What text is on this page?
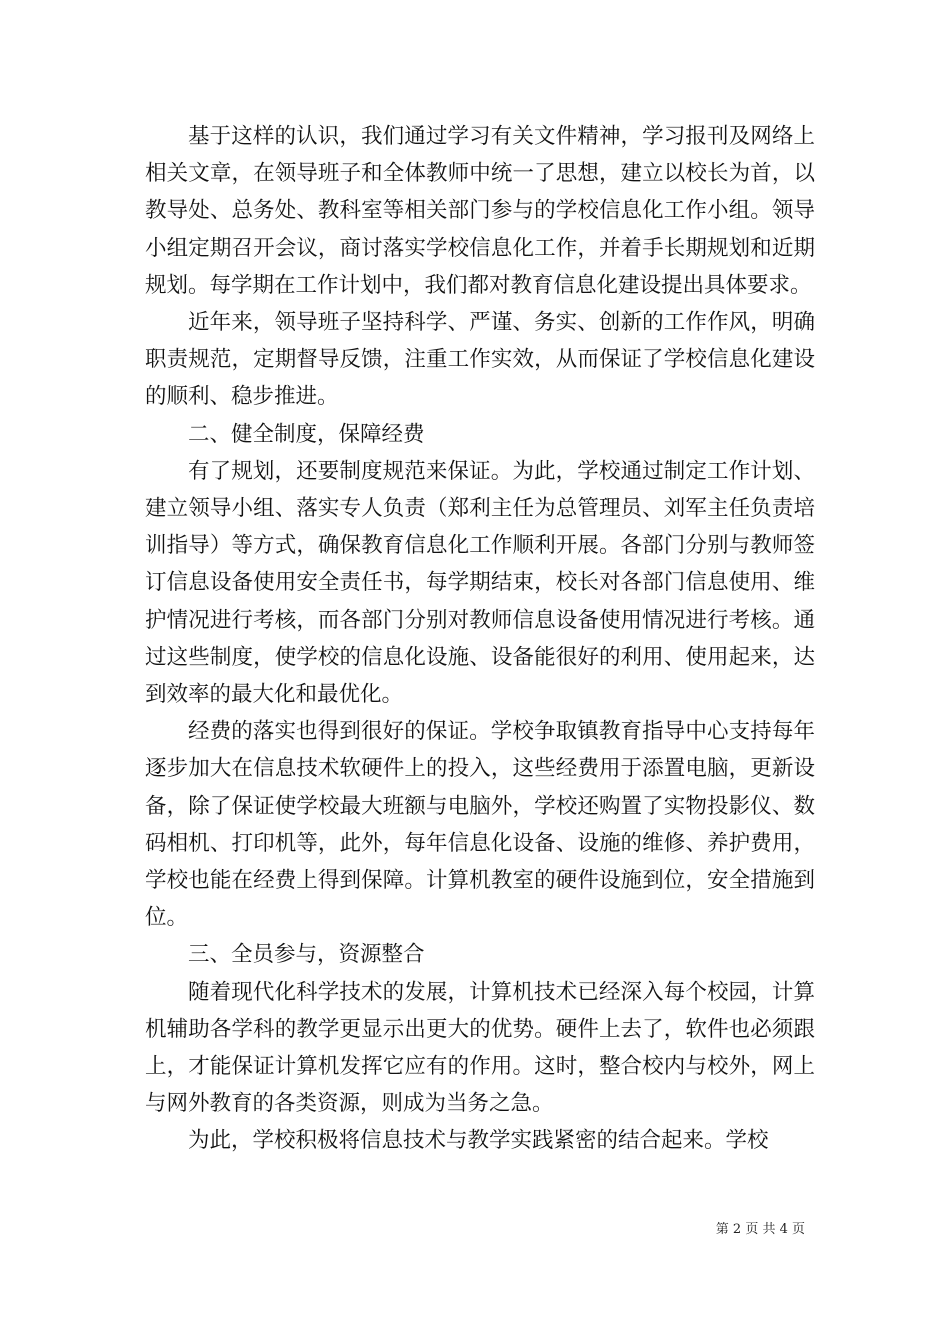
基于这样的认识，我们通过学习有关文件精神，学习报刊及网络上相关文章，在领导班子和全体教师中统一了思想，建立以校长为首，以教导处、总务处、教科室等相关部门参与的学校信息化工作小组。领导小组定期召开会议，商讨落实学校信息化工作，并着手长期规划和近期规划。每学期在工作计划中，我们都对教育信息化建设提出具体要求。

近年来，领导班子坚持科学、严谨、务实、创新的工作作风，明确职责规范，定期督导反馈，注重工作实效，从而保证了学校信息化建设的顺利、稳步推进。

二、健全制度，保障经费

有了规划，还要制度规范来保证。为此，学校通过制定工作计划、建立领导小组、落实专人负责（郑利主任为总管理员、刘军主任负责培训指导）等方式，确保教育信息化工作顺利开展。各部门分别与教师签订信息设备使用安全责任书，每学期结束，校长对各部门信息使用、维护情况进行考核，而各部门分别对教师信息设备使用情况进行考核。通过这些制度，使学校的信息化设施、设备能很好的利用、使用起来，达到效率的最大化和最优化。

经费的落实也得到很好的保证。学校争取镇教育指导中心支持每年逐步加大在信息技术软硬件上的投入，这些经费用于添置电脑，更新设备，除了保证使学校最大班额与电脑外，学校还购置了实物投影仪、数码相机、打印机等，此外，每年信息化设备、设施的维修、养护费用，学校也能在经费上得到保障。计算机教室的硬件设施到位，安全措施到位。

三、全员参与，资源整合

随着现代化科学技术的发展，计算机技术已经深入每个校园，计算机辅助各学科的教学更显示出更大的优势。硬件上去了，软件也必须跟上，才能保证计算机发挥它应有的作用。这时，整合校内与校外，网上与网外教育的各类资源，则成为当务之急。

为此，学校积极将信息技术与教学实践紧密的结合起来。学校

第 2 页 共 4 页
